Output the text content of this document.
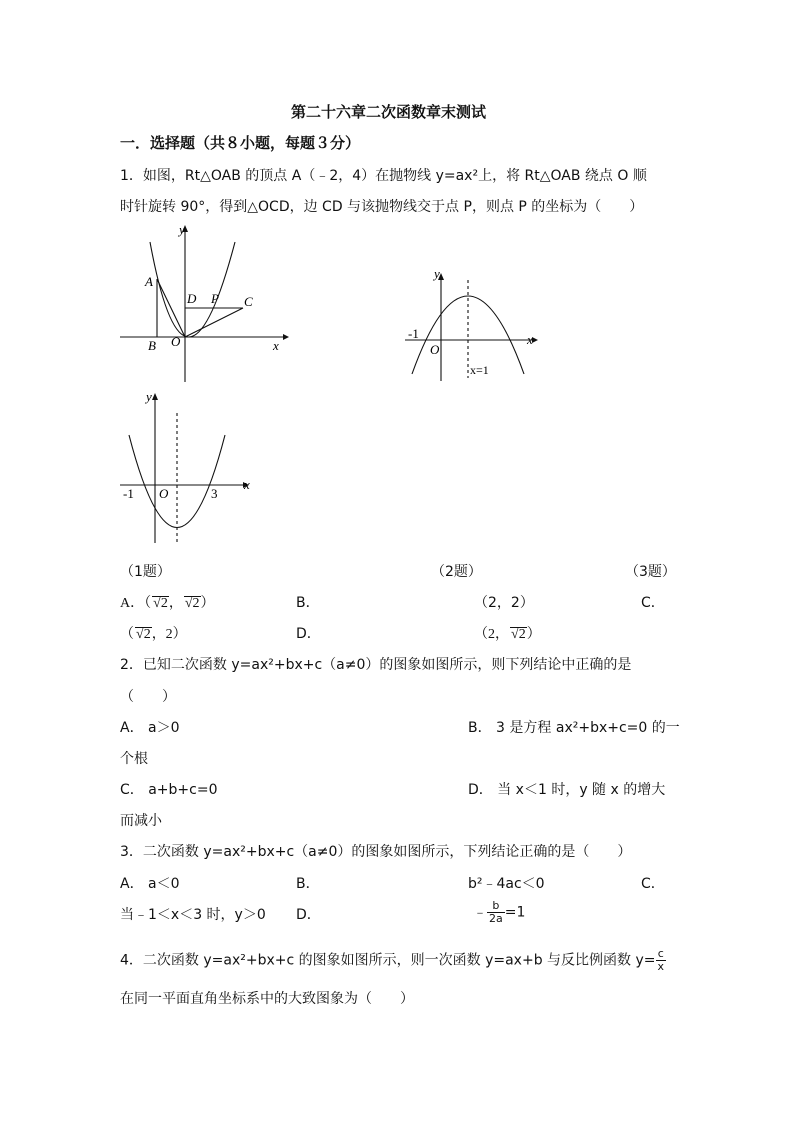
第二十六章二次函数章末测试
一．选择题（共８小题，每题３分）
1．如图，Rt△OAB 的顶点 A（﹣2，4）在抛物线 y=ax²上，将 Rt△OAB 绕点 O 顺
时针旋转 90°，得到△OCD，边 CD 与该抛物线交于点 P，则点 P 的坐标为（　　）
y
x
A
B O
D P C
y
x
-1
O
x=1
y
x
-1 O	3
（1题）	（2题）	（3题）
A．（ √2， √2）	B．	（2，2）	C．
（ √2，2）	D．	（2， √2）
2．已知二次函数 y=ax²+bx+c（a≠0）的图象如图所示，则下列结论中正确的是
（　　）
A． a＞0	B． 3 是方程 ax²+bx+c=0 的一
个根
C． a+b+c=0	D． 当 x＜1 时，y 随 x 的增大
而减小
3．二次函数 y=ax²+bx+c（a≠0）的图象如图所示，下列结论正确的是（　　）
A． a＜0	B．	b²﹣4ac＜0	C．
当﹣1＜x＜3 时，y＞0 D．	﹣ $\frac{b}{2a} =1$
4．二次函数 y=ax²+bx+c 的图象如图所示，则一次函数 y=ax+b 与反比例函数 $y= \frac{c}{x}$
在同一平面直角坐标系中的大致图象为（　　）
